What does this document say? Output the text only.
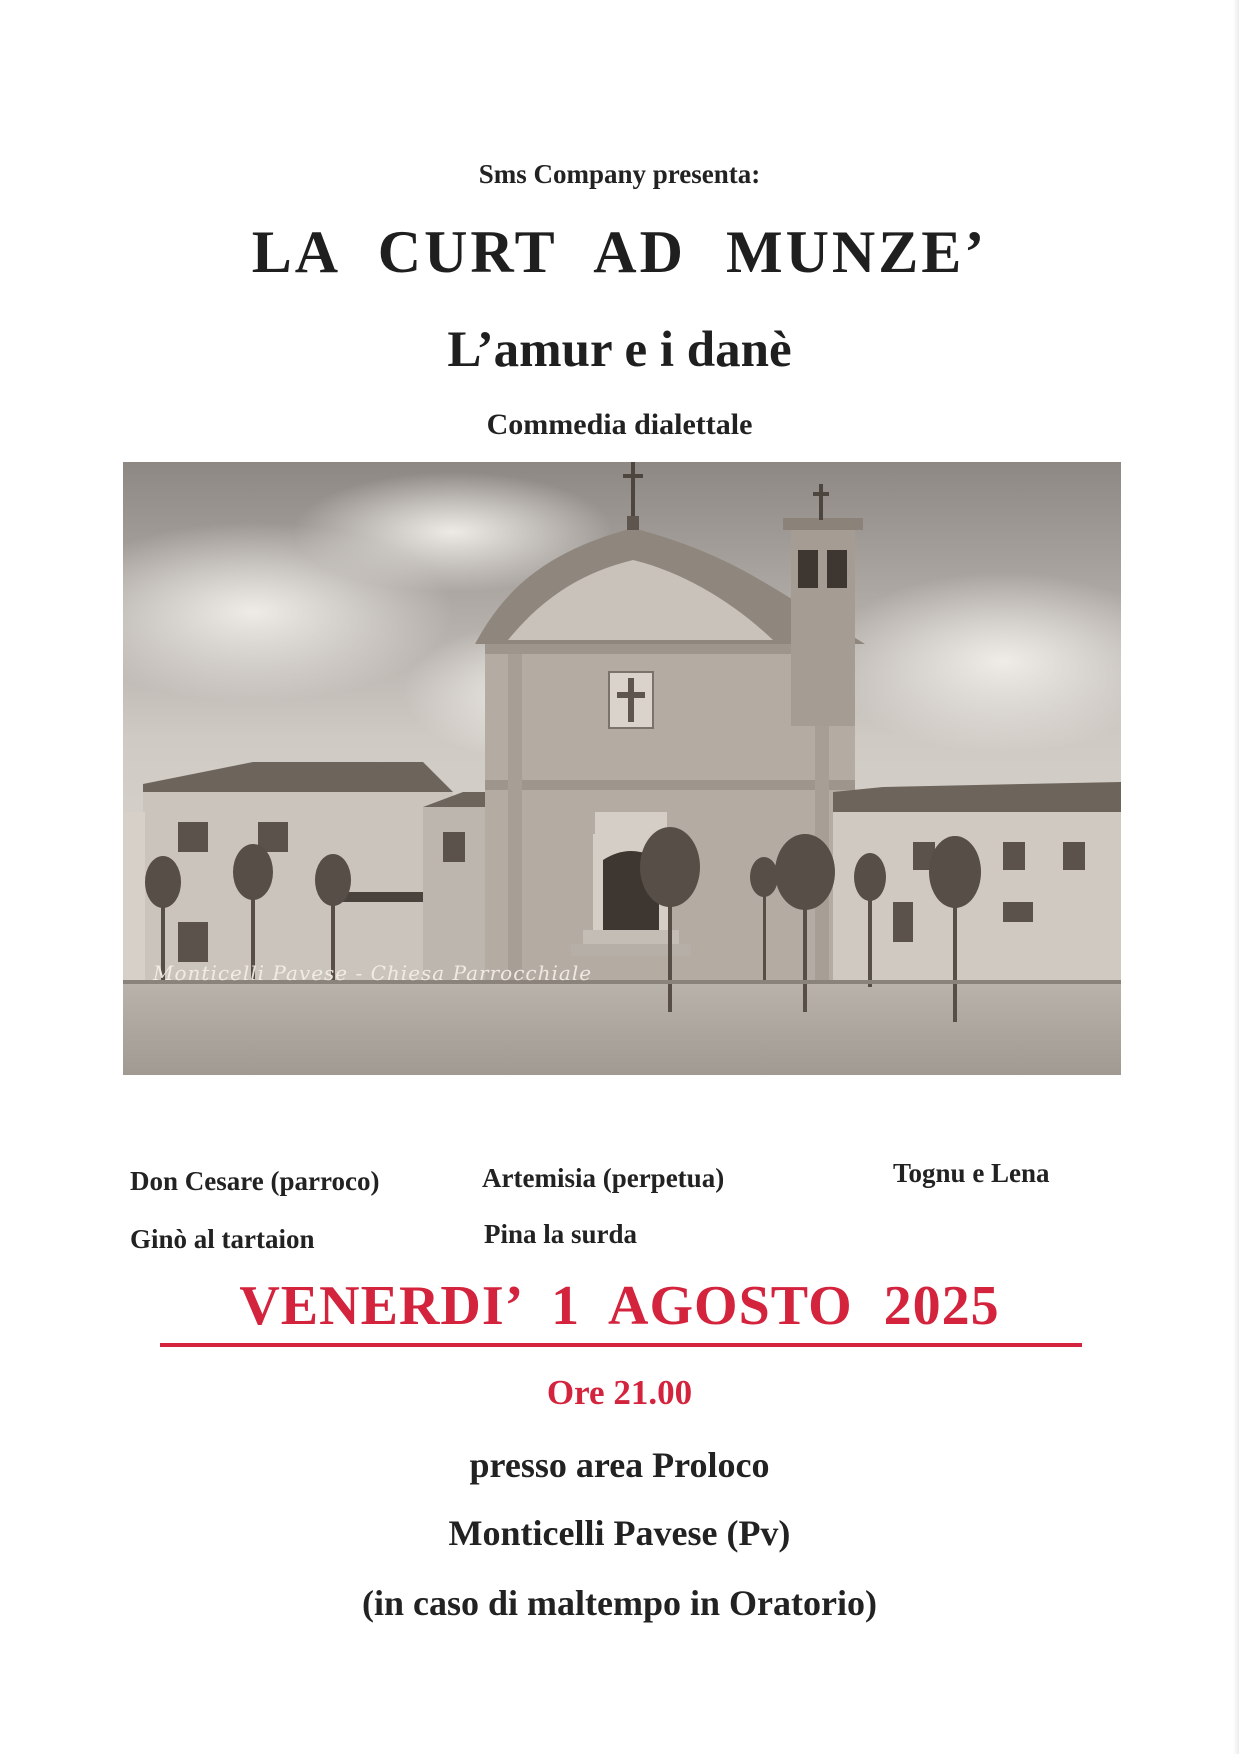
Sms Company presenta:
LA CURT AD MUNZE’
L’amur e i danè
Commedia dialettale
Monticelli Pavese - Chiesa Parrocchiale
Don Cesare (parroco)	Artemisia (perpetua)	Tognu e Lena
Ginò al tartaion	Pina la surda
VENERDI’ 1 AGOSTO 2025
Ore 21.00
presso area Proloco
Monticelli Pavese (Pv)
(in caso di maltempo in Oratorio)
